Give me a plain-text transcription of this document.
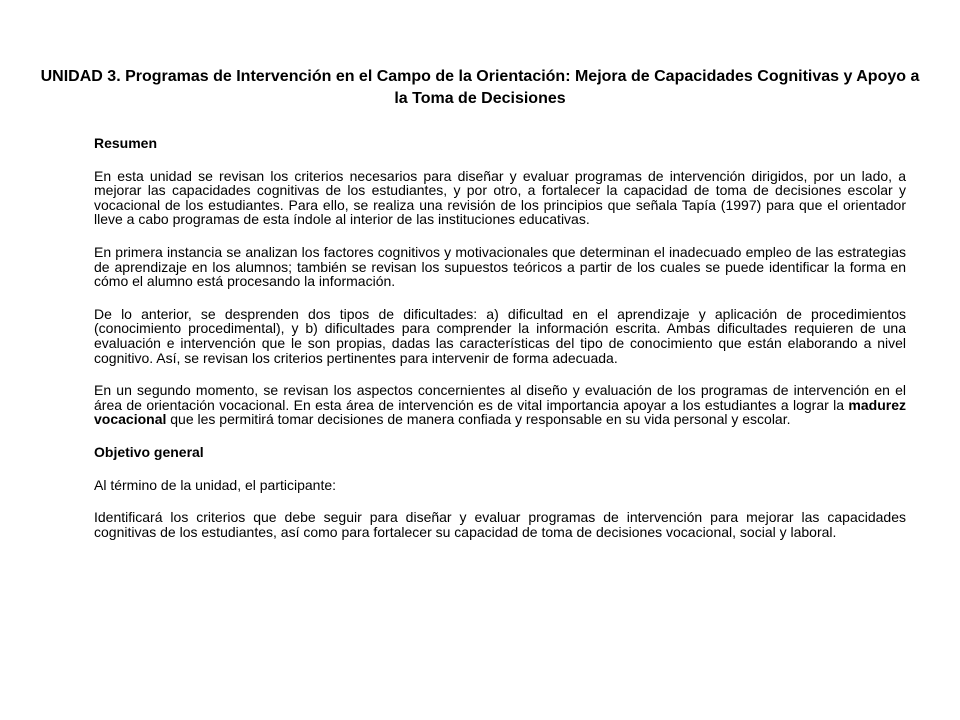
UNIDAD 3. Programas de Intervención en el Campo de la Orientación: Mejora de Capacidades Cognitivas y Apoyo a la Toma de Decisiones

Resumen

En esta unidad se revisan los criterios necesarios para diseñar y evaluar programas de intervención dirigidos, por un lado, a mejorar las capacidades cognitivas de los estudiantes, y por otro, a fortalecer la capacidad de toma de decisiones escolar y vocacional de los estudiantes. Para ello, se realiza una revisión de los principios que señala Tapía (1997) para que el orientador lleve a cabo programas de esta índole al interior de las instituciones educativas.

En primera instancia se analizan los factores cognitivos y motivacionales que determinan el inadecuado empleo de las estrategias de aprendizaje en los alumnos; también se revisan los supuestos teóricos a partir de los cuales se puede identificar la forma en cómo el alumno está procesando la información.

De lo anterior, se desprenden dos tipos de dificultades: a) dificultad en el aprendizaje y aplicación de procedimientos (conocimiento procedimental), y b) dificultades para comprender la información escrita. Ambas dificultades requieren de una evaluación e intervención que le son propias, dadas las características del tipo de conocimiento que están elaborando a nivel cognitivo. Así, se revisan los criterios pertinentes para intervenir de forma adecuada.

En un segundo momento, se revisan los aspectos concernientes al diseño y evaluación de los programas de intervención en el área de orientación vocacional. En esta área de intervención es de vital importancia apoyar a los estudiantes a lograr la madurez vocacional que les permitirá tomar decisiones de manera confiada y responsable en su vida personal y escolar.

Objetivo general

Al término de la unidad, el participante:

Identificará los criterios que debe seguir para diseñar y evaluar programas de intervención para mejorar las capacidades cognitivas de los estudiantes, así como para fortalecer su capacidad de toma de decisiones vocacional, social y laboral.
